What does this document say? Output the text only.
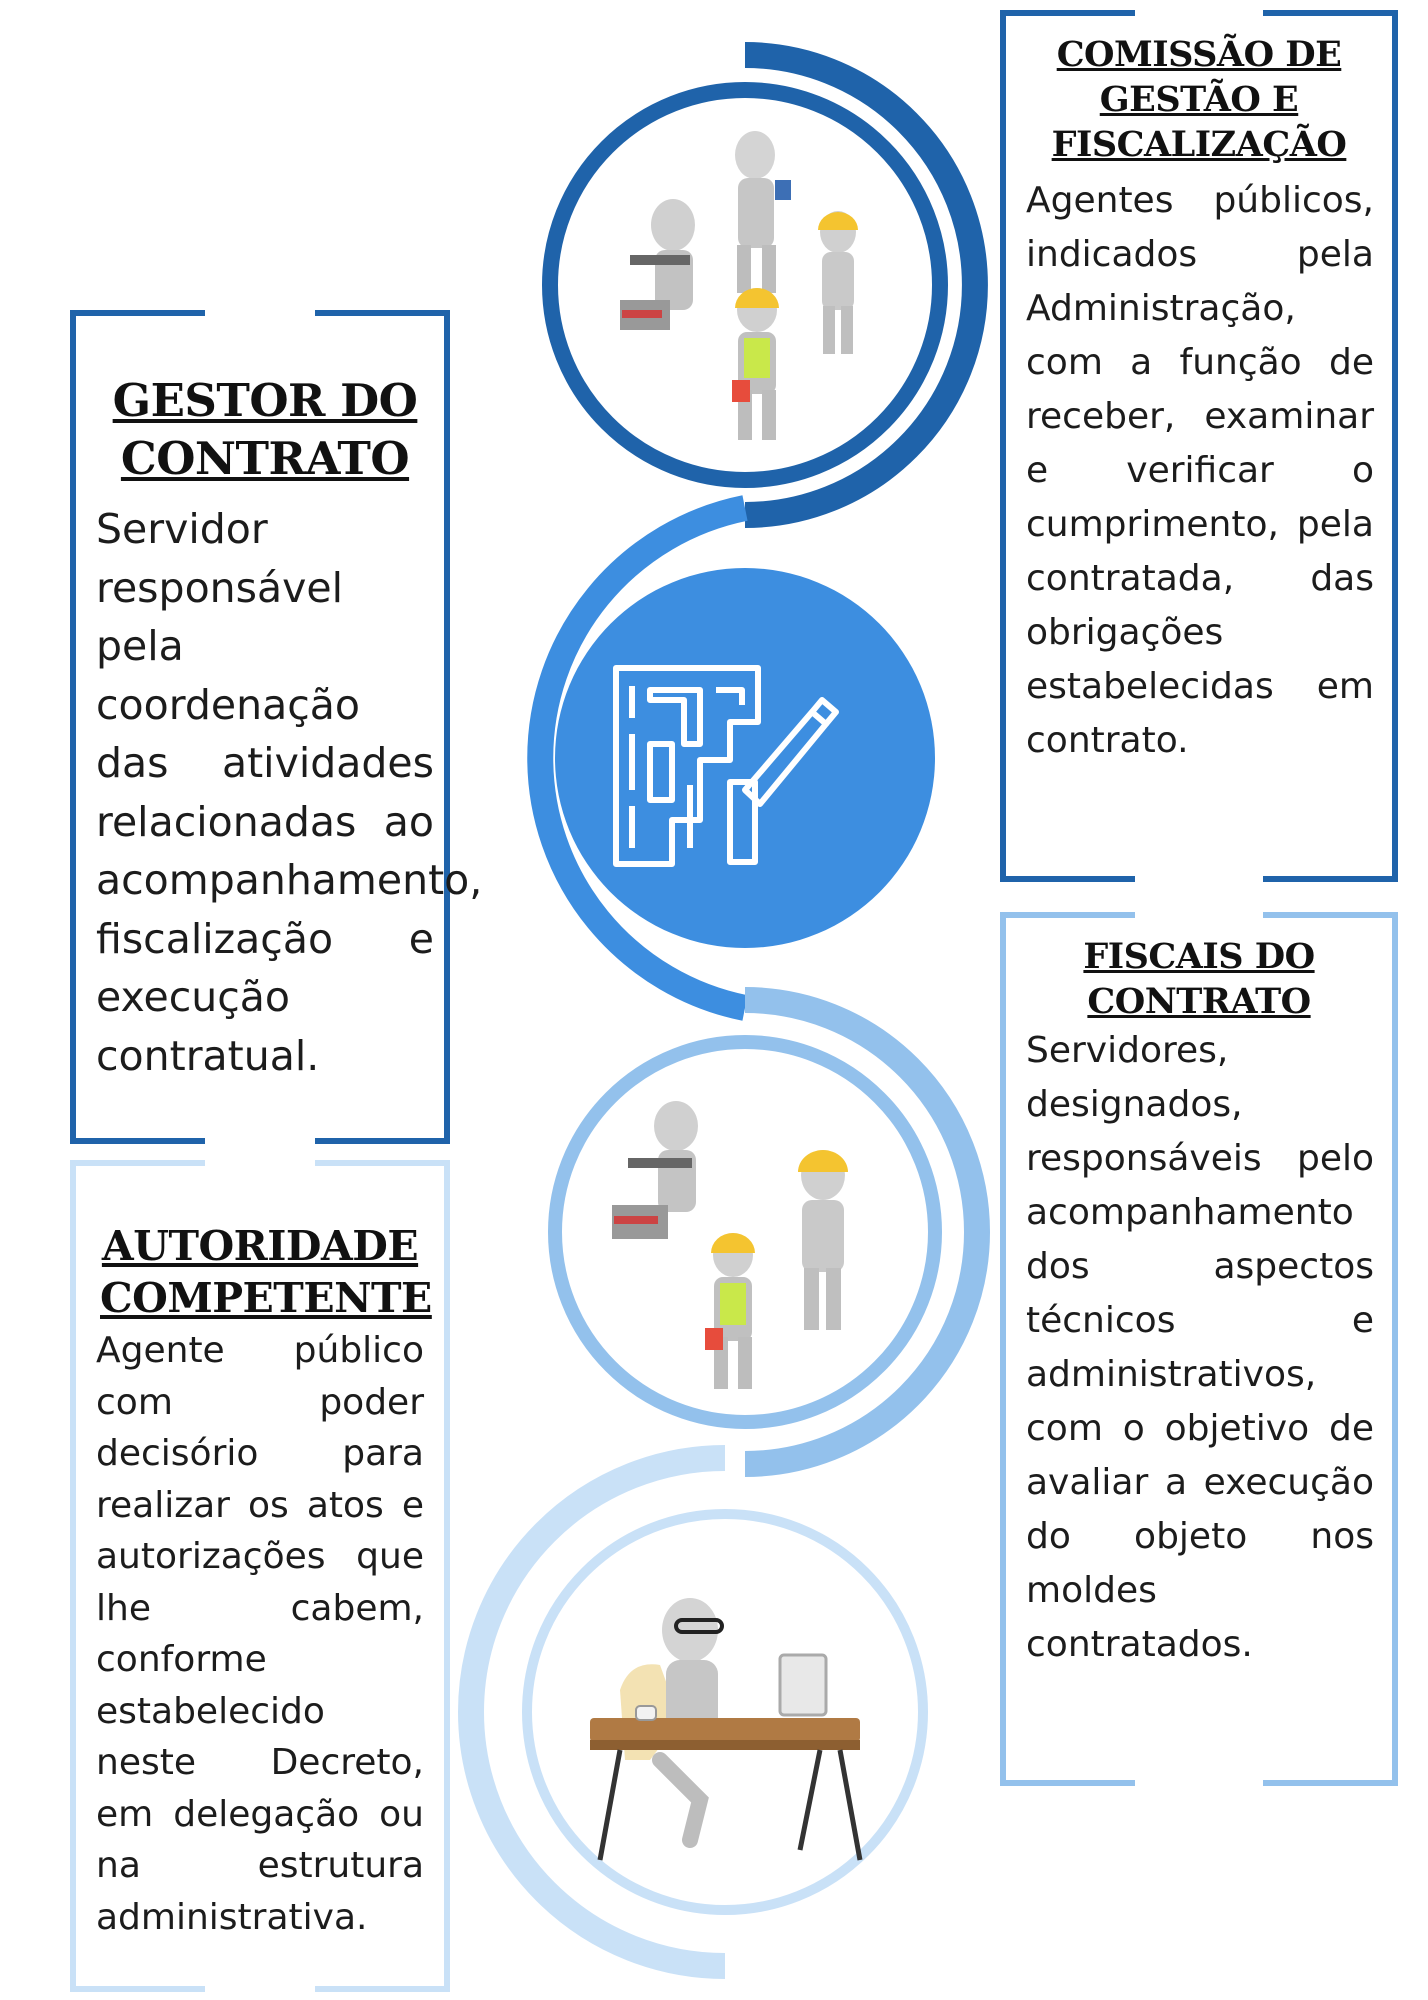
GESTOR DO CONTRATO

Servidor responsável pela coordenação das atividades relacionadas ao acompanhamento, fiscalização e execução contratual.

AUTORIDADE COMPETENTE

Agente público com poder decisório para realizar os atos e autorizações que lhe cabem, conforme estabelecido neste Decreto, em delegação ou na estrutura administrativa.

COMISSÃO DE GESTÃO E FISCALIZAÇÃO

Agentes públicos, indicados pela Administração, com a função de receber, examinar e verificar o cumprimento, pela contratada, das obrigações estabelecidas em contrato.

FISCAIS DO CONTRATO

Servidores, designados, responsáveis pelo acompanhamento dos aspectos técnicos e administrativos, com o objetivo de avaliar a execução do objeto nos moldes contratados.
